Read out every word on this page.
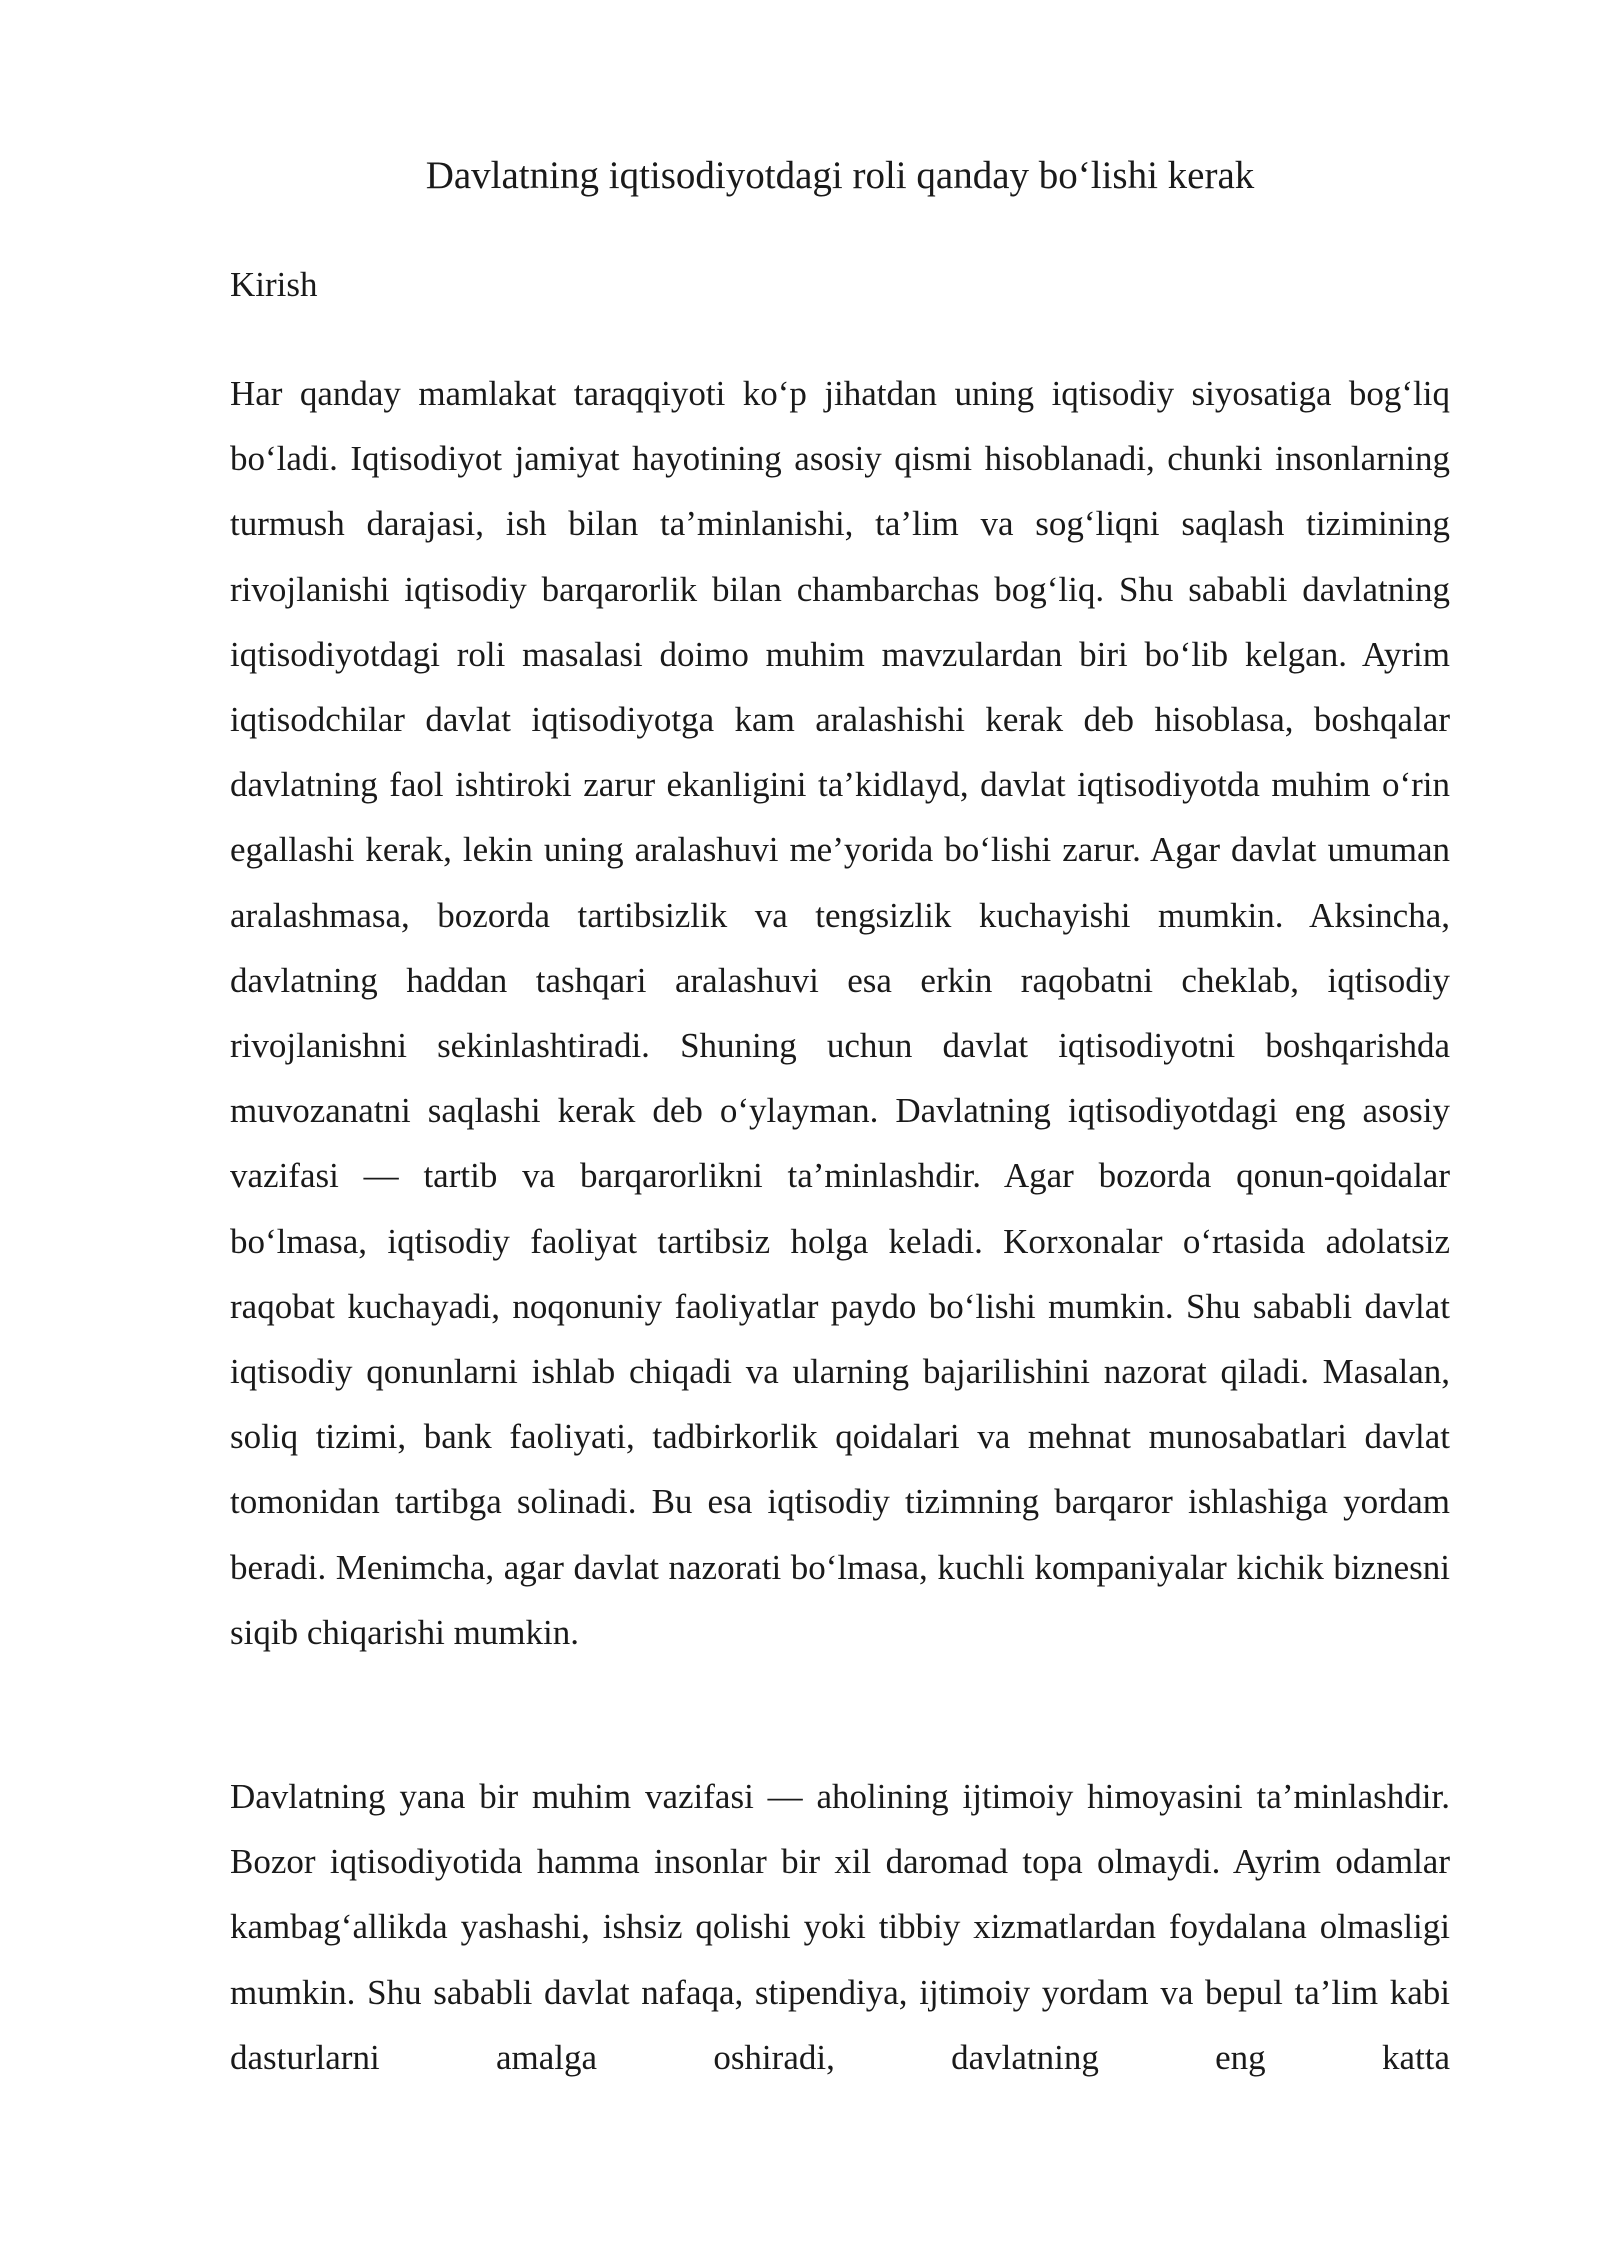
Davlatning iqtisodiyotdagi roli qanday bo‘lishi kerak
Kirish

Har qanday mamlakat taraqqiyoti ko‘p jihatdan uning iqtisodiy siyosatiga bog‘liq bo‘ladi. Iqtisodiyot jamiyat hayotining asosiy qismi hisoblanadi, chunki insonlarning turmush darajasi, ish bilan ta’minlanishi, ta’lim va sog‘liqni saqlash tizimining rivojlanishi iqtisodiy barqarorlik bilan chambarchas bog‘liq. Shu sababli davlatning iqtisodiyotdagi roli masalasi doimo muhim mavzulardan biri bo‘lib kelgan. Ayrim iqtisodchilar davlat iqtisodiyotga kam aralashishi kerak deb hisoblasa, boshqalar davlatning faol ishtiroki zarur ekanligini ta’kidlayd, davlat iqtisodiyotda muhim o‘rin egallashi kerak, lekin uning aralashuvi me’yorida bo‘lishi zarur. Agar davlat umuman aralashmasa, bozorda tartibsizlik va tengsizlik kuchayishi mumkin. Aksincha, davlatning haddan tashqari aralashuvi esa erkin raqobatni cheklab, iqtisodiy rivojlanishni sekinlashtiradi. Shuning uchun davlat iqtisodiyotni boshqarishda muvozanatni saqlashi kerak deb o‘ylayman. Davlatning iqtisodiyotdagi eng asosiy vazifasi — tartib va barqarorlikni ta’minlashdir. Agar bozorda qonun-qoidalar bo‘lmasa, iqtisodiy faoliyat tartibsiz holga keladi. Korxonalar o‘rtasida adolatsiz raqobat kuchayadi, noqonuniy faoliyatlar paydo bo‘lishi mumkin. Shu sababli davlat iqtisodiy qonunlarni ishlab chiqadi va ularning bajarilishini nazorat qiladi. Masalan, soliq tizimi, bank faoliyati, tadbirkorlik qoidalari va mehnat munosabatlari davlat tomonidan tartibga solinadi. Bu esa iqtisodiy tizimning barqaror ishlashiga yordam beradi. Menimcha, agar davlat nazorati bo‘lmasa, kuchli kompaniyalar kichik biznesni siqib chiqarishi mumkin.

Davlatning yana bir muhim vazifasi — aholining ijtimoiy himoyasini ta’minlashdir. Bozor iqtisodiyotida hamma insonlar bir xil daromad topa olmaydi. Ayrim odamlar kambag‘allikda yashashi, ishsiz qolishi yoki tibbiy xizmatlardan foydalana olmasligi mumkin. Shu sababli davlat nafaqa, stipendiya, ijtimoiy yordam va bepul ta’lim kabi dasturlarni amalga oshiradi, davlatning eng katta
